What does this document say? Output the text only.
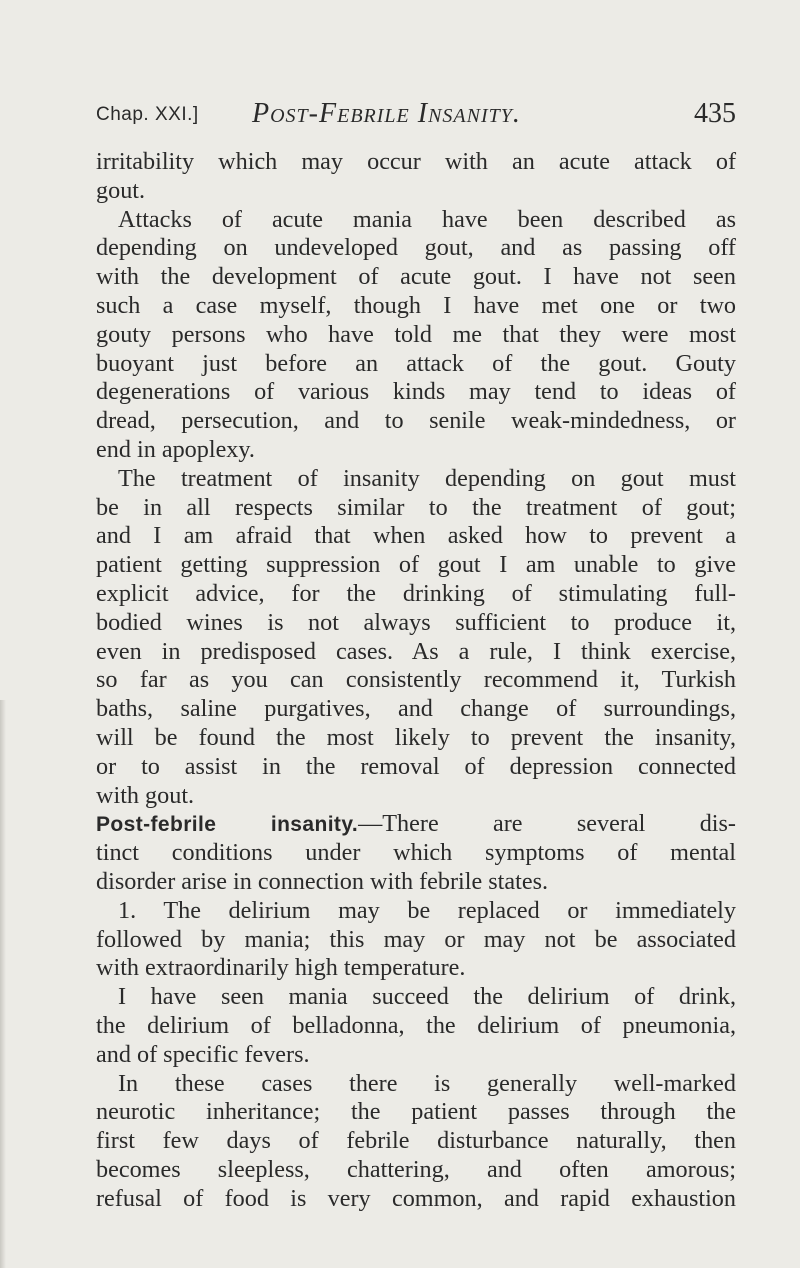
Chap. XXI.] Post-Febrile Insanity.	435
irritability which may occur with an acute attack of
gout.
Attacks of acute mania have been described as
depending on undeveloped gout, and as passing off
with the development of acute gout. I have not seen
such a case myself, though I have met one or two
gouty persons who have told me that they were most
buoyant just before an attack of the gout. Gouty
degenerations of various kinds may tend to ideas of
dread, persecution, and to senile weak-mindedness, or
end in apoplexy.
The treatment of insanity depending on gout must
be in all respects similar to the treatment of gout;
and I am afraid that when asked how to prevent a
patient getting suppression of gout I am unable to give
explicit advice, for the drinking of stimulating full-
bodied wines is not always sufficient to produce it,
even in predisposed cases. As a rule, I think exercise,
so far as you can consistently recommend it, Turkish
baths, saline purgatives, and change of surroundings,
will be found the most likely to prevent the insanity,
or to assist in the removal of depression connected
with gout.
Post-febrile insanity.—There are several dis-
tinct conditions under which symptoms of mental
disorder arise in connection with febrile states.
1. The delirium may be replaced or immediately
followed by mania; this may or may not be associated
with extraordinarily high temperature.
I have seen mania succeed the delirium of drink,
the delirium of belladonna, the delirium of pneumonia,
and of specific fevers.
In these cases there is generally well-marked
neurotic inheritance; the patient passes through the
first few days of febrile disturbance naturally, then
becomes sleepless, chattering, and often amorous;
refusal of food is very common, and rapid exhaustion
